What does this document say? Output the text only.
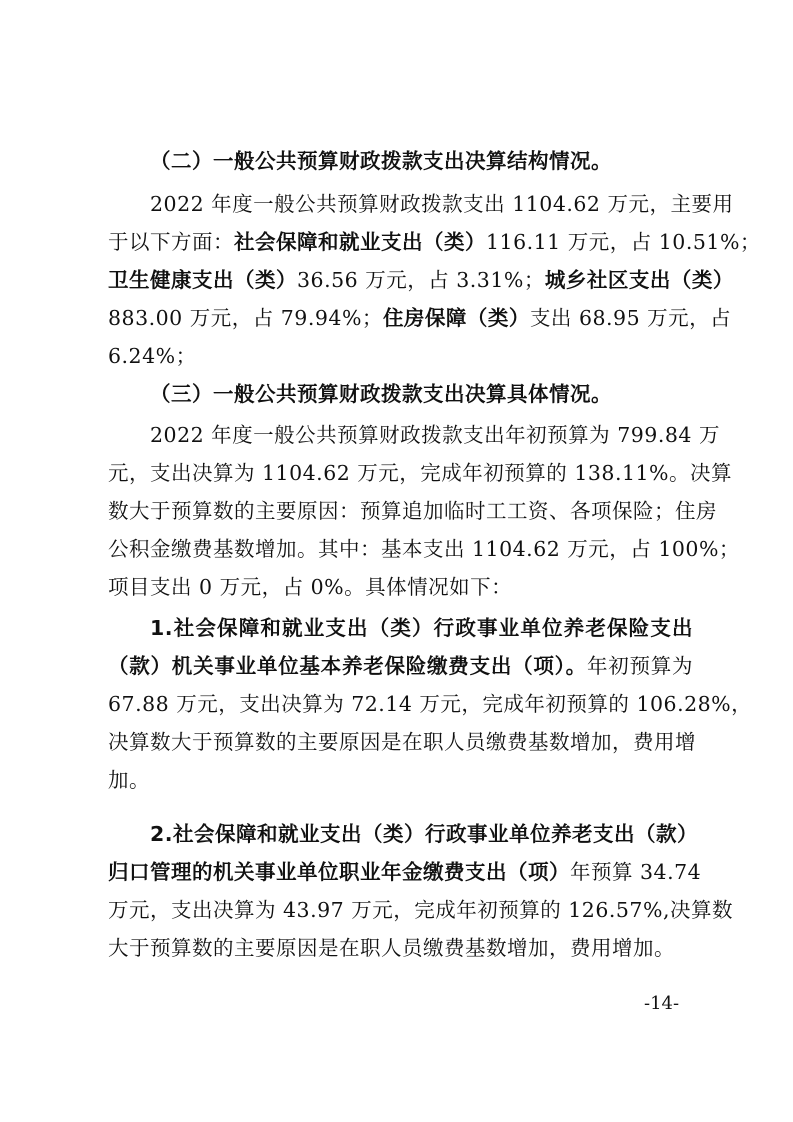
（二）一般公共预算财政拨款支出决算结构情况。
2022 年度一般公共预算财政拨款支出 1104.62 万元，主要用
于以下方面：社会保障和就业支出（类）116.11 万元，占 10.51%；
卫生健康支出（类）36.56 万元，占 3.31%；城乡社区支出（类）
883.00 万元，占 79.94%；住房保障（类）支出 68.95 万元，占
6.24%；
（三）一般公共预算财政拨款支出决算具体情况。
2022 年度一般公共预算财政拨款支出年初预算为 799.84 万
元，支出决算为 1104.62 万元，完成年初预算的 138.11%。决算
数大于预算数的主要原因：预算追加临时工工资、各项保险；住房
公积金缴费基数增加。其中：基本支出 1104.62 万元，占 100%；
项目支出 0 万元，占 0%。具体情况如下：
1.社会保障和就业支出（类）行政事业单位养老保险支出
（款）机关事业单位基本养老保险缴费支出（项）。年初预算为
67.88 万元，支出决算为 72.14 万元，完成年初预算的 106.28%，
决算数大于预算数的主要原因是在职人员缴费基数增加，费用增
加。
2.社会保障和就业支出（类）行政事业单位养老支出（款）
归口管理的机关事业单位职业年金缴费支出（项）年预算 34.74
万元，支出决算为 43.97 万元，完成年初预算的 126.57%,决算数
大于预算数的主要原因是在职人员缴费基数增加，费用增加。
-14-
